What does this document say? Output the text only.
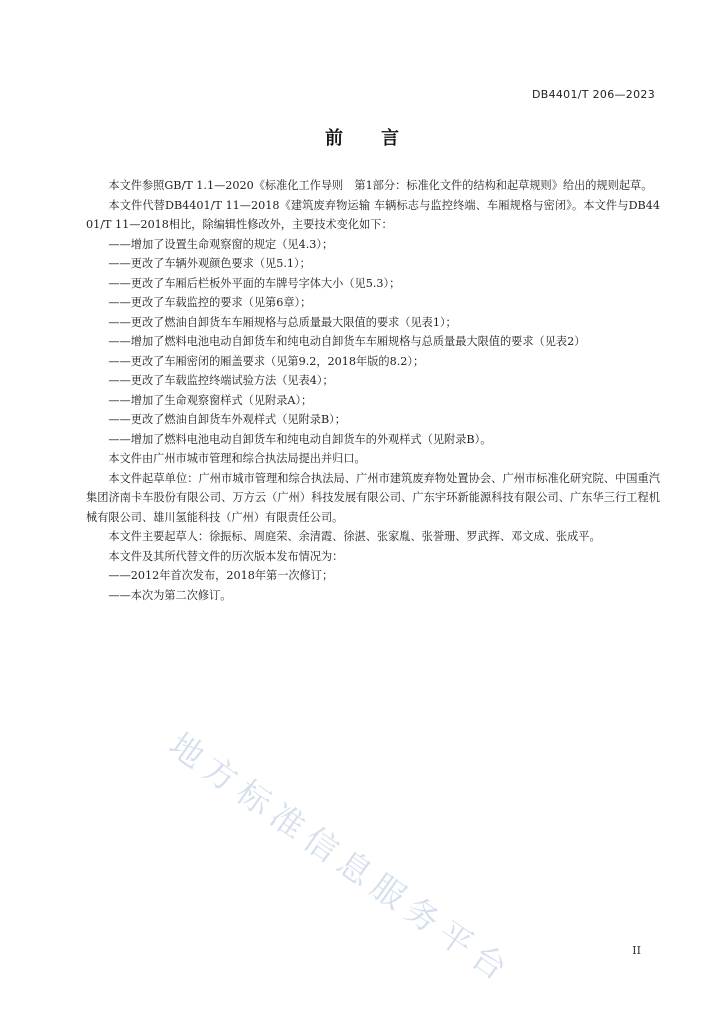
DB4401/T 206—2023
前言

本文件参照GB/T 1.1—2020《标准化工作导则　第1部分：标准化文件的结构和起草规则》给出的规则起草。

本文件代替DB4401/T 11—2018《建筑废弃物运输 车辆标志与监控终端、车厢规格与密闭》。本文件与DB4401/T 11—2018相比，除编辑性修改外，主要技术变化如下：

——增加了设置生命观察窗的规定（见4.3）；

——更改了车辆外观颜色要求（见5.1）；

——更改了车厢后栏板外平面的车牌号字体大小（见5.3）；

——更改了车载监控的要求（见第6章）；

——更改了燃油自卸货车车厢规格与总质量最大限值的要求（见表1）；

——增加了燃料电池电动自卸货车和纯电动自卸货车车厢规格与总质量最大限值的要求（见表2）

——更改了车厢密闭的厢盖要求（见第9.2，2018年版的8.2）；

——更改了车载监控终端试验方法（见表4）；

——增加了生命观察窗样式（见附录A）；

——更改了燃油自卸货车外观样式（见附录B）；

——增加了燃料电池电动自卸货车和纯电动自卸货车的外观样式（见附录B）。

本文件由广州市城市管理和综合执法局提出并归口。

本文件起草单位：广州市城市管理和综合执法局、广州市建筑废弃物处置协会、广州市标准化研究院、中国重汽集团济南卡车股份有限公司、万方云（广州）科技发展有限公司、广东宇环新能源科技有限公司、广东华三行工程机械有限公司、雄川氢能科技（广州）有限责任公司。

本文件主要起草人：徐振标、周庭荣、余清霞、徐湛、张家胤、张誉珊、罗武挥、邓文成、张成平。

本文件及其所代替文件的历次版本发布情况为：

——2012年首次发布，2018年第一次修订；

——本次为第二次修订。

地方标准信息服务平台	II
